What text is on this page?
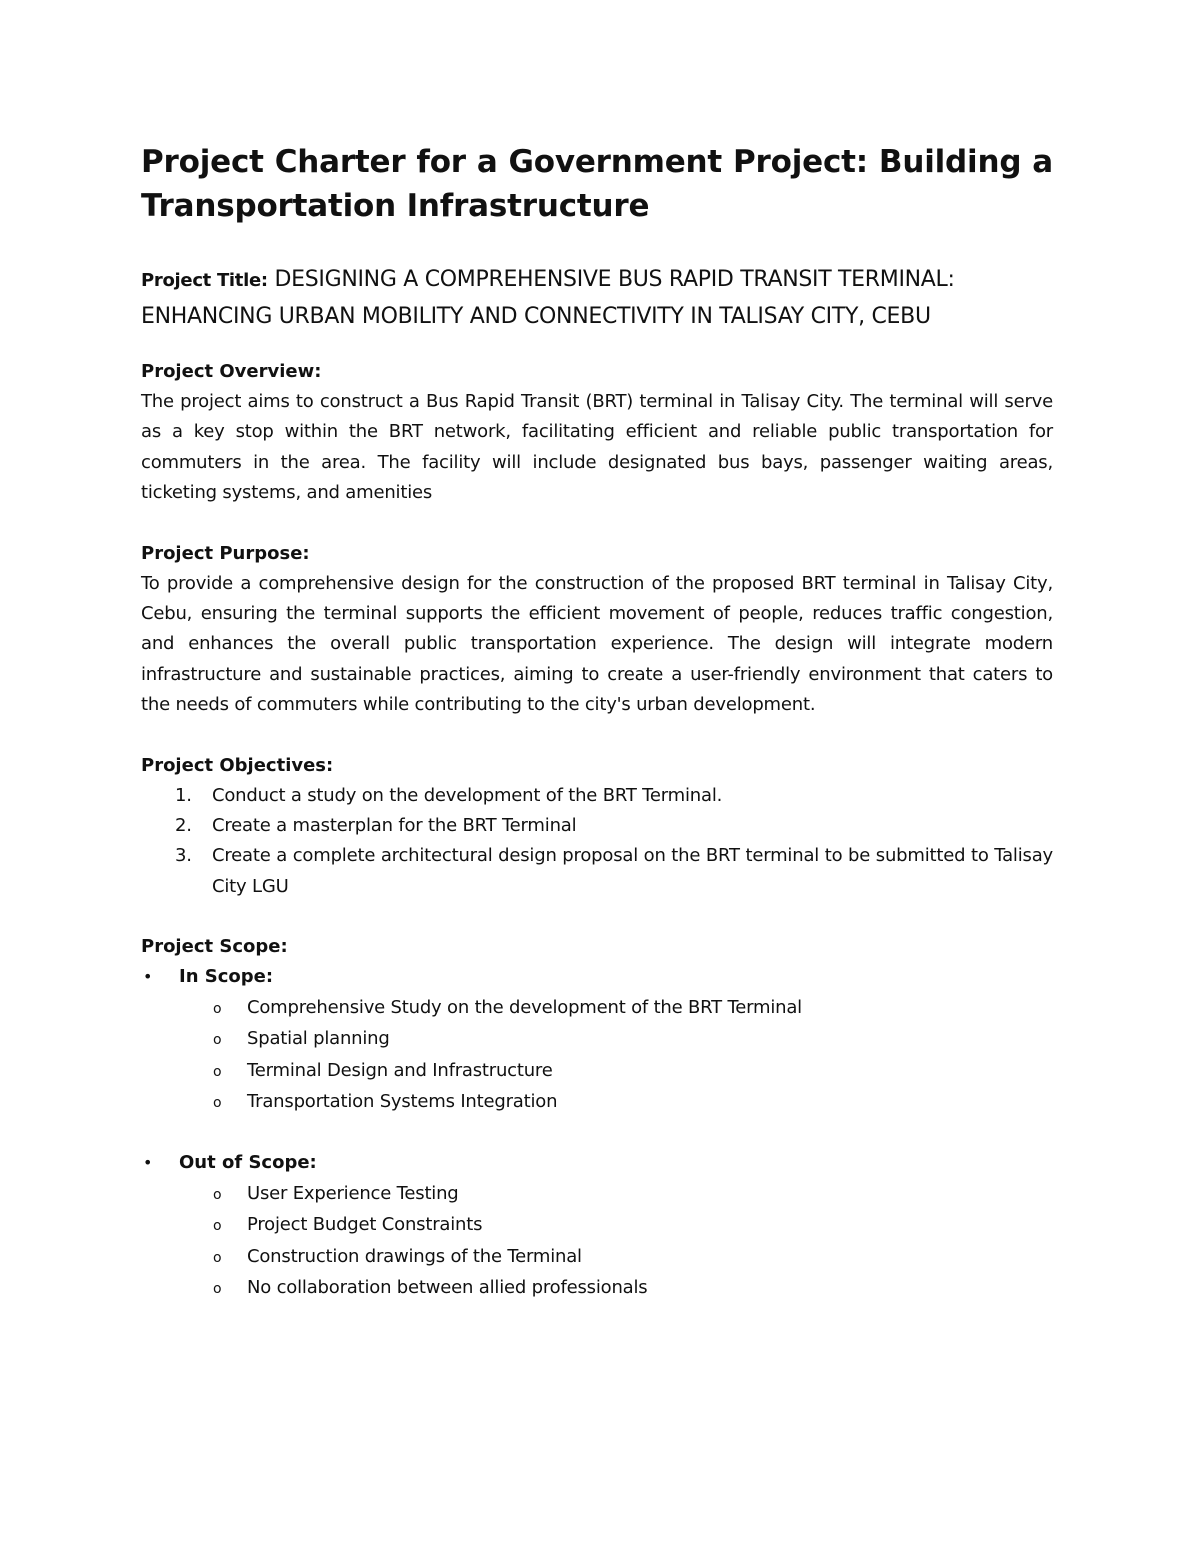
Project Charter for a Government Project: Building a Transportation Infrastructure
Project Title: DESIGNING A COMPREHENSIVE BUS RAPID TRANSIT TERMINAL: ENHANCING URBAN MOBILITY AND CONNECTIVITY IN TALISAY CITY, CEBU
Project Overview:

The project aims to construct a Bus Rapid Transit (BRT) terminal in Talisay City. The terminal will serve as a key stop within the BRT network, facilitating efficient and reliable public transportation for commuters in the area. The facility will include designated bus bays, passenger waiting areas, ticketing systems, and amenities

Project Purpose:

To provide a comprehensive design for the construction of the proposed BRT terminal in Talisay City, Cebu, ensuring the terminal supports the efficient movement of people, reduces traffic congestion, and enhances the overall public transportation experience. The design will integrate modern infrastructure and sustainable practices, aiming to create a user-friendly environment that caters to the needs of commuters while contributing to the city's urban development.

Project Objectives:
1.	Conduct a study on the development of the BRT Terminal.
2.	Create a masterplan for the BRT Terminal
3.	Create a complete architectural design proposal on the BRT terminal to be submitted to Talisay City LGU
Project Scope:
•	In Scope:
o	Comprehensive Study on the development of the BRT Terminal
o	Spatial planning
o	Terminal Design and Infrastructure
o	Transportation Systems Integration
•	Out of Scope:
o	User Experience Testing
o	Project Budget Constraints
o	Construction drawings of the Terminal
o	No collaboration between allied professionals
